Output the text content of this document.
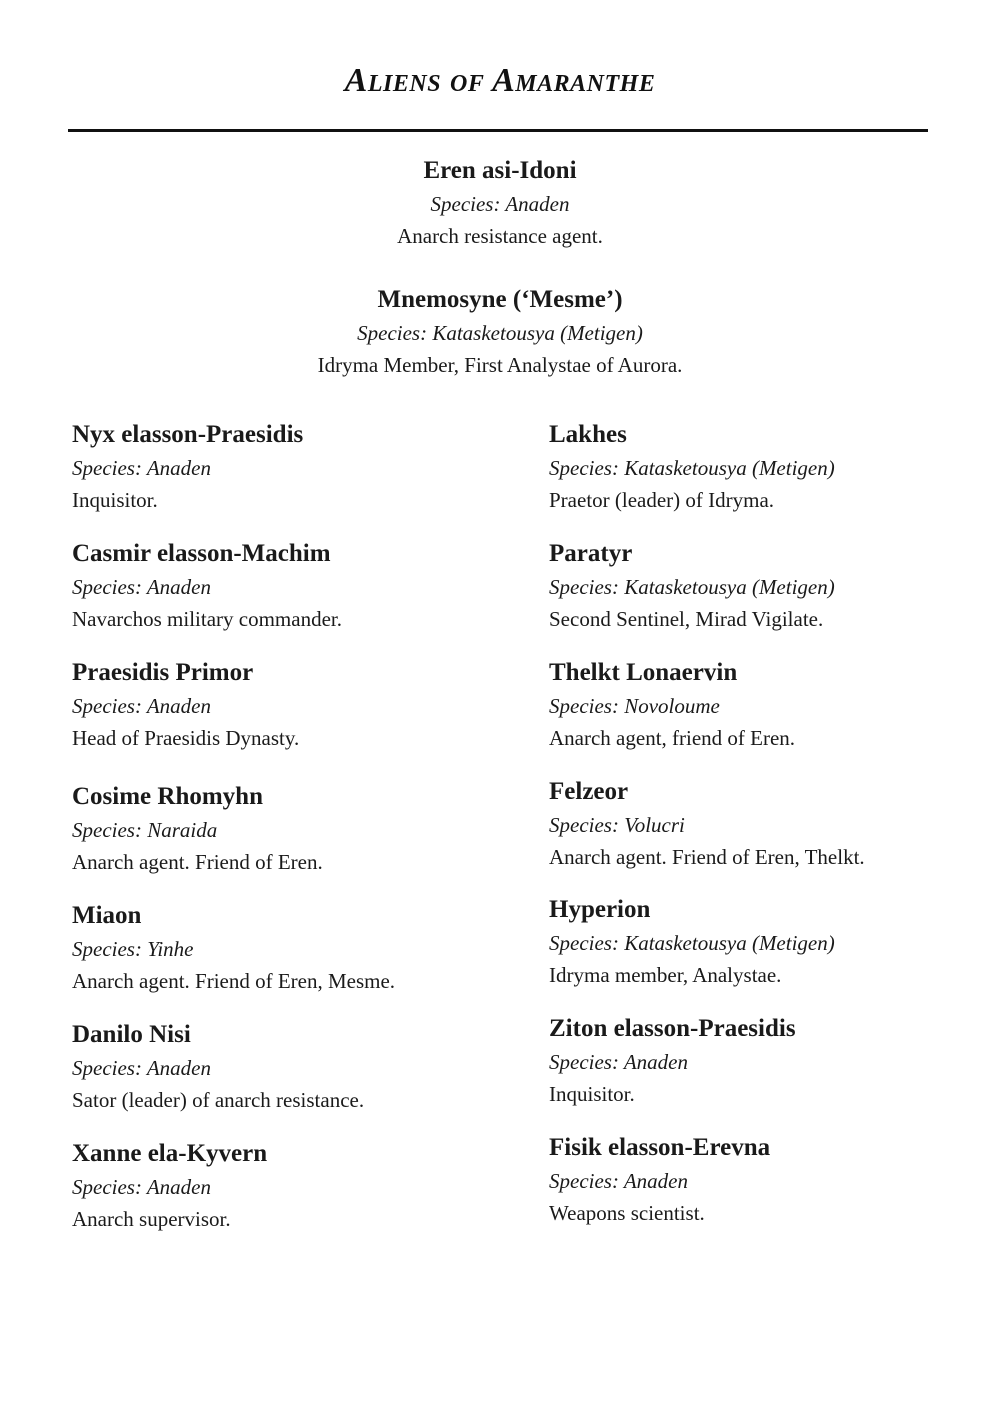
Aliens of Amaranthe
Eren asi-Idoni
Species: Anaden
Anarch resistance agent.
Mnemosyne (‘Mesme’)
Species: Katasketousya (Metigen)
Idryma Member, First Analystae of Aurora.
Nyx elasson-Praesidis
Species: Anaden
Inquisitor.
Casmir elasson-Machim
Species: Anaden
Navarchos military commander.
Praesidis Primor
Species: Anaden
Head of Praesidis Dynasty.
Cosime Rhomyhn
Species: Naraida
Anarch agent. Friend of Eren.
Miaon
Species: Yinhe
Anarch agent. Friend of Eren, Mesme.
Danilo Nisi
Species: Anaden
Sator (leader) of anarch resistance.
Xanne ela-Kyvern
Species: Anaden
Anarch supervisor.
Lakhes
Species: Katasketousya (Metigen)
Praetor (leader) of Idryma.
Paratyr
Species: Katasketousya (Metigen)
Second Sentinel, Mirad Vigilate.
Thelkt Lonaervin
Species: Novoloume
Anarch agent, friend of Eren.
Felzeor
Species: Volucri
Anarch agent. Friend of Eren, Thelkt.
Hyperion
Species: Katasketousya (Metigen)
Idryma member, Analystae.
Ziton elasson-Praesidis
Species: Anaden
Inquisitor.
Fisik elasson-Erevna
Species: Anaden
Weapons scientist.
